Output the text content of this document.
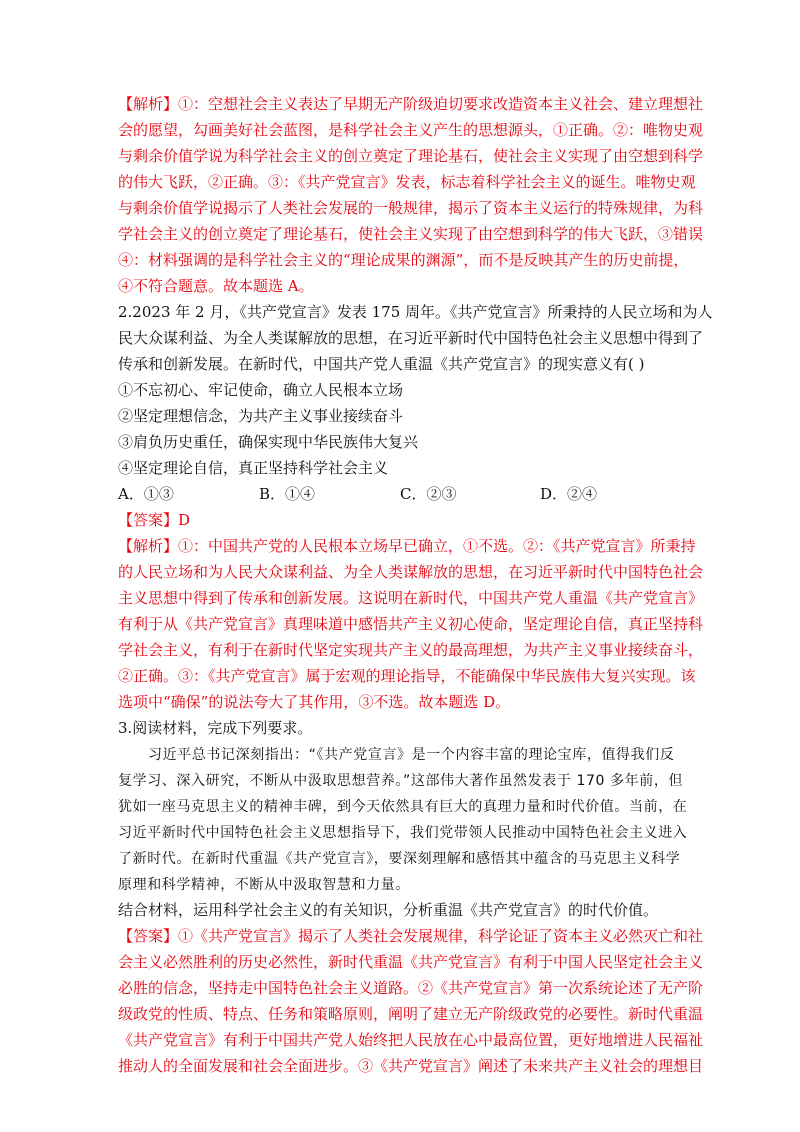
【解析】①：空想社会主义表达了早期无产阶级迫切要求改造资本主义社会、建立理想社
会的愿望，勾画美好社会蓝图，是科学社会主义产生的思想源头，①正确。②：唯物史观
与剩余价值学说为科学社会主义的创立奠定了理论基石，使社会主义实现了由空想到科学
的伟大飞跃，②正确。③：《共产党宣言》发表，标志着科学社会主义的诞生。唯物史观
与剩余价值学说揭示了人类社会发展的一般规律，揭示了资本主义运行的特殊规律，为科
学社会主义的创立奠定了理论基石，使社会主义实现了由空想到科学的伟大飞跃，③错误
④：材料强调的是科学社会主义的“理论成果的渊源”，而不是反映其产生的历史前提，
④不符合题意。故本题选 A。
2.2023 年 2 月，《共产党宣言》发表 175 周年。《共产党宣言》所秉持的人民立场和为人
民大众谋利益、为全人类谋解放的思想，在习近平新时代中国特色社会主义思想中得到了
传承和创新发展。在新时代，中国共产党人重温《共产党宣言》的现实意义有( )
①不忘初心、牢记使命，确立人民根本立场
②坚定理想信念，为共产主义事业接续奋斗
③肩负历史重任，确保实现中华民族伟大复兴
④坚定理论自信，真正坚持科学社会主义
A．①③	B．①④	C．②③	D．②④
【答案】D
【解析】①：中国共产党的人民根本立场早已确立，①不选。②：《共产党宣言》所秉持
的人民立场和为人民大众谋利益、为全人类谋解放的思想，在习近平新时代中国特色社会
主义思想中得到了传承和创新发展。这说明在新时代，中国共产党人重温《共产党宣言》
有利于从《共产党宣言》真理味道中感悟共产主义初心使命，坚定理论自信，真正坚持科
学社会主义，有利于在新时代坚定实现共产主义的最高理想，为共产主义事业接续奋斗，
②正确。③：《共产党宣言》属于宏观的理论指导，不能确保中华民族伟大复兴实现。该
选项中“确保”的说法夸大了其作用，③不选。故本题选 D。
3.阅读材料，完成下列要求。
习近平总书记深刻指出：“《共产党宣言》是一个内容丰富的理论宝库，值得我们反
复学习、深入研究，不断从中汲取思想营养。”这部伟大著作虽然发表于 170 多年前，但
犹如一座马克思主义的精神丰碑，到今天依然具有巨大的真理力量和时代价值。当前，在
习近平新时代中国特色社会主义思想指导下，我们党带领人民推动中国特色社会主义进入
了新时代。在新时代重温《共产党宣言》，要深刻理解和感悟其中蕴含的马克思主义科学
原理和科学精神，不断从中汲取智慧和力量。
结合材料，运用科学社会主义的有关知识，分析重温《共产党宣言》的时代价值。
【答案】①《共产党宣言》揭示了人类社会发展规律，科学论证了资本主义必然灭亡和社
会主义必然胜利的历史必然性，新时代重温《共产党宣言》有利于中国人民坚定社会主义
必胜的信念，坚持走中国特色社会主义道路。②《共产党宣言》第一次系统论述了无产阶
级政党的性质、特点、任务和策略原则，阐明了建立无产阶级政党的必要性。新时代重温
《共产党宣言》有利于中国共产党人始终把人民放在心中最高位置，更好地增进人民福祉
推动人的全面发展和社会全面进步。③《共产党宣言》阐述了未来共产主义社会的理想目
